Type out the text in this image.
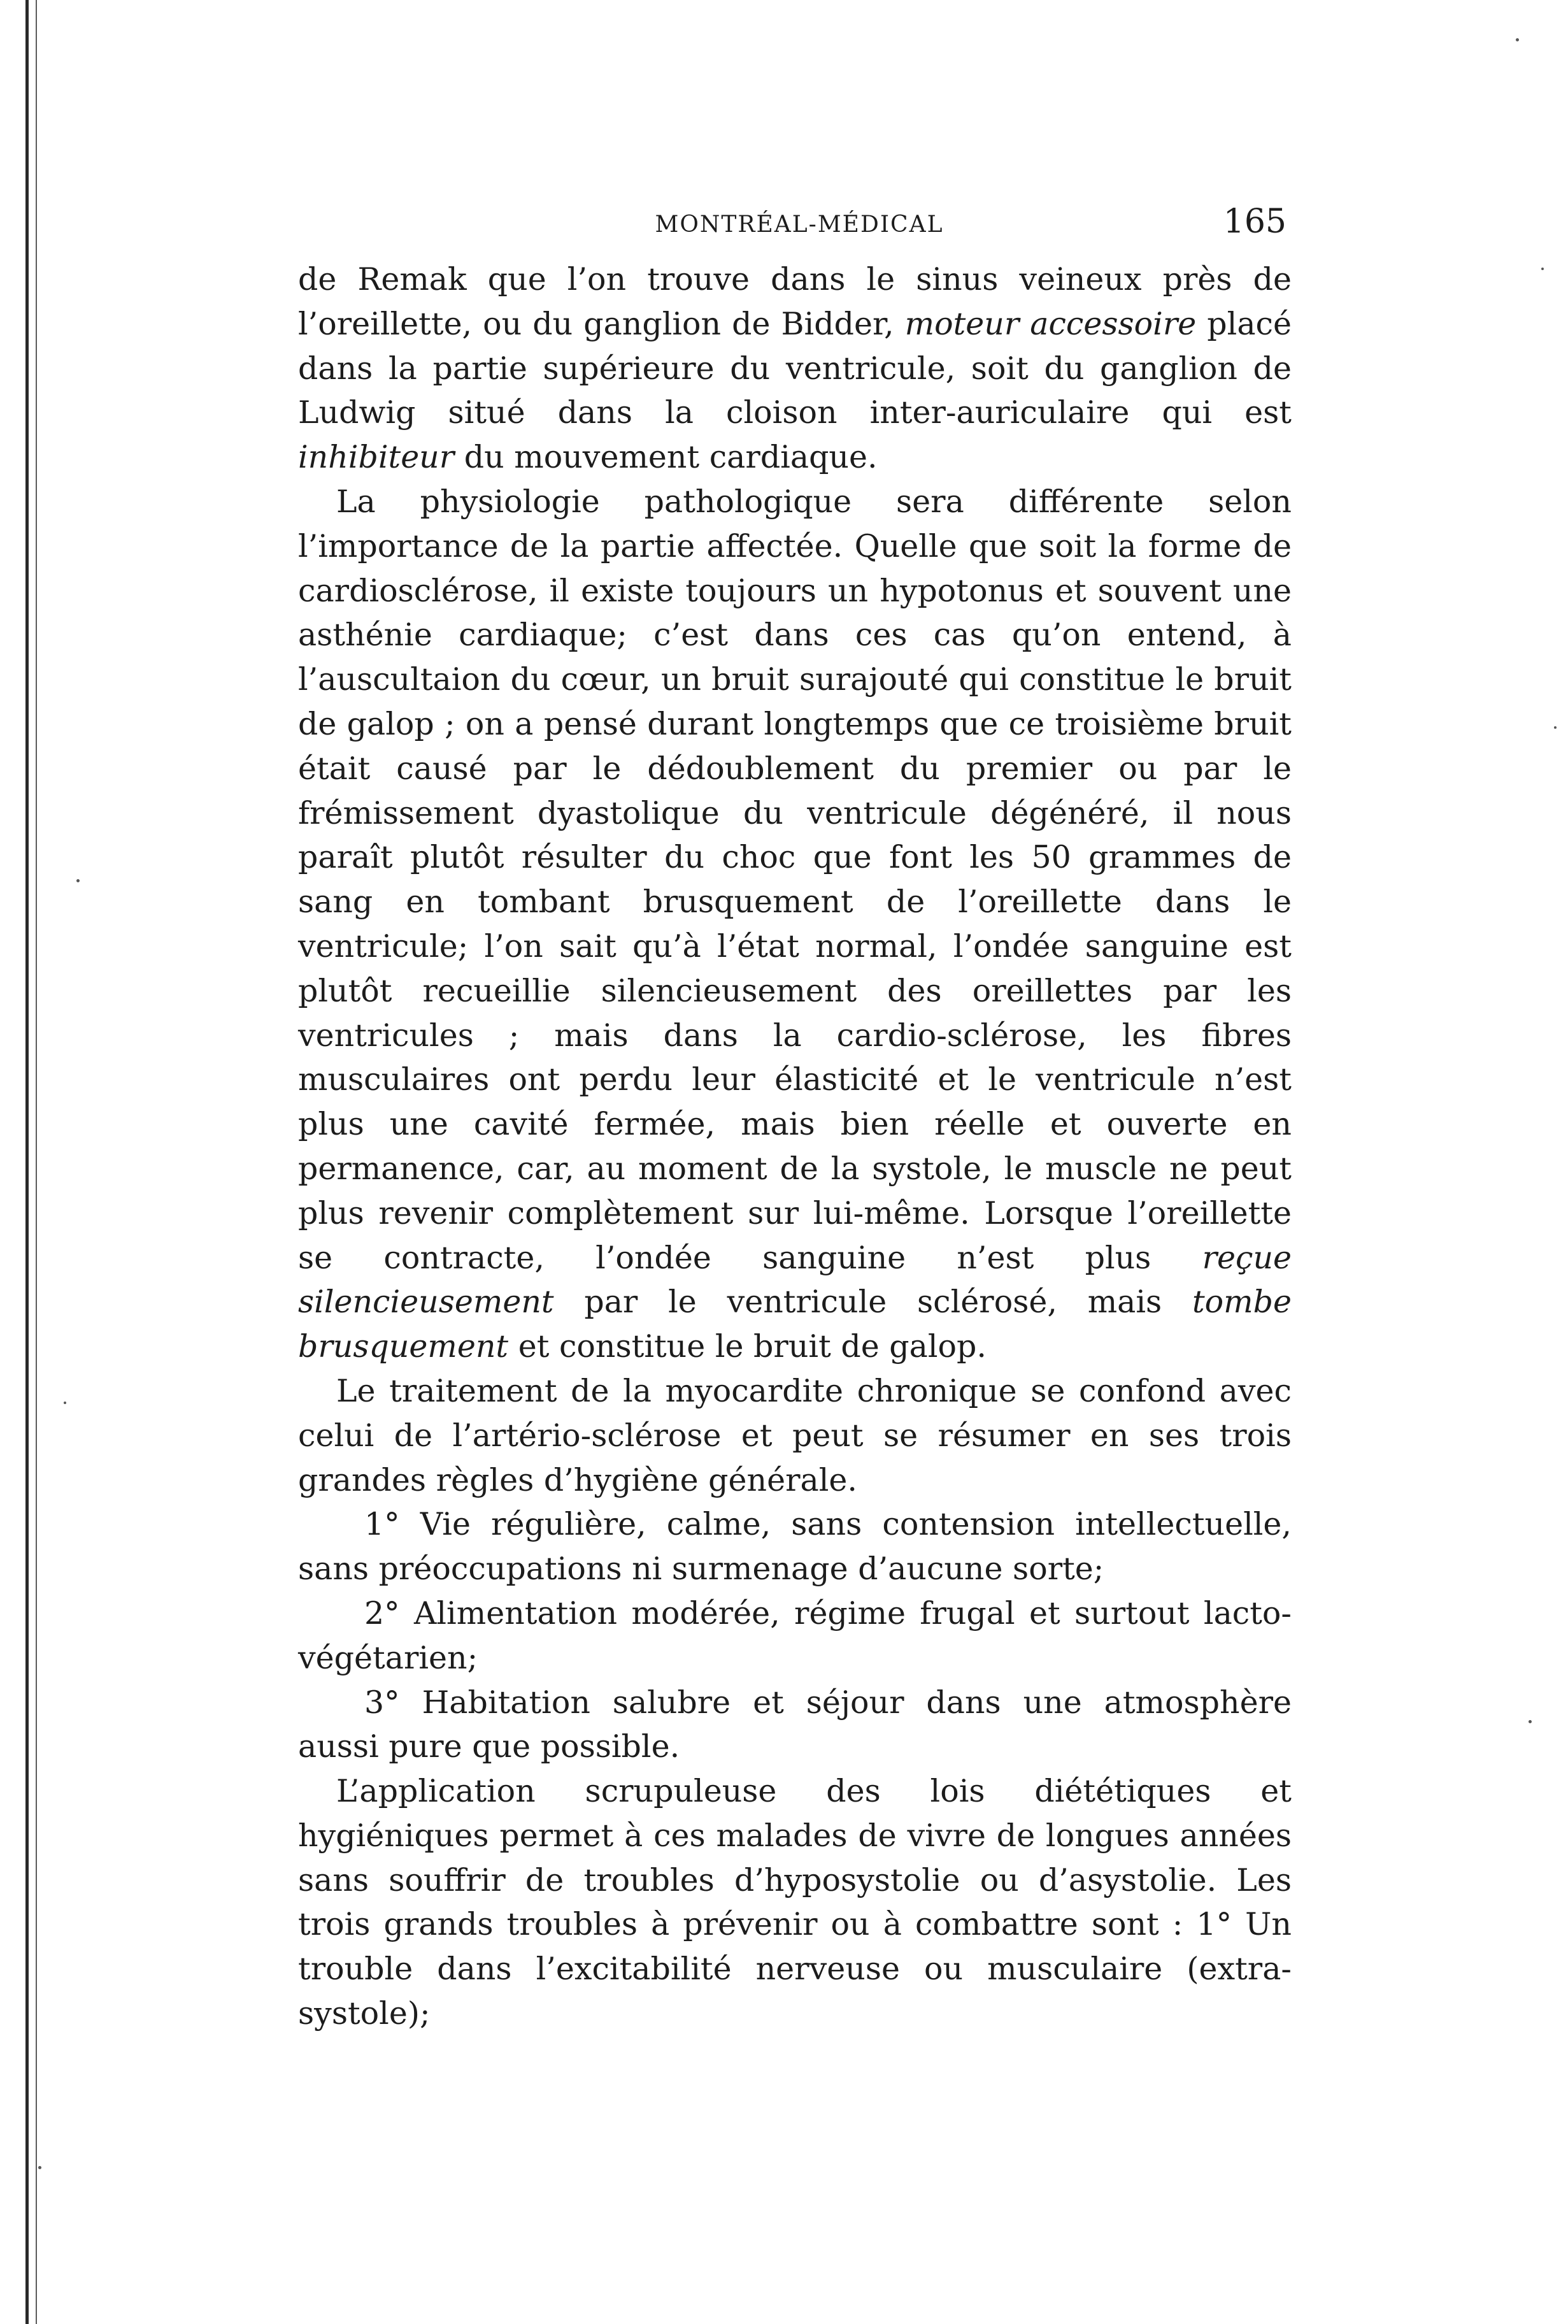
MONTRÉAL-MÉDICAL	165

de Remak que l’on trouve dans le sinus veineux près de l’oreillette, ou du ganglion de Bidder, moteur accessoire placé dans la partie supérieure du ventricule, soit du ganglion de Ludwig situé dans la cloison inter-auriculaire qui est inhibiteur du mouvement cardiaque.

La physiologie pathologique sera différente selon l’importance de la partie affectée. Quelle que soit la forme de cardiosclérose, il existe toujours un hypotonus et souvent une asthénie cardiaque; c’est dans ces cas qu’on entend, à l’auscultaion du cœur, un bruit surajouté qui constitue le bruit de galop ; on a pensé durant longtemps que ce troisième bruit était causé par le dédoublement du premier ou par le frémissement dyastolique du ventricule dégénéré, il nous paraît plutôt résulter du choc que font les 50 grammes de sang en tombant brusquement de l’oreillette dans le ventricule; l’on sait qu’à l’état normal, l’ondée sanguine est plutôt recueillie silencieusement des oreillettes par les ventricules ; mais dans la cardio-sclérose, les fibres musculaires ont perdu leur élasticité et le ventricule n’est plus une cavité fermée, mais bien réelle et ouverte en permanence, car, au moment de la systole, le muscle ne peut plus revenir complètement sur lui-même. Lorsque l’oreillette se contracte, l’ondée sanguine n’est plus reçue silencieusement par le ventricule sclérosé, mais tombe brusquement et constitue le bruit de galop.

Le traitement de la myocardite chronique se confond avec celui de l’artério-sclérose et peut se résumer en ses trois grandes règles d’hygiène générale.

1° Vie régulière, calme, sans contension intellectuelle, sans préoccupations ni surmenage d’aucune sorte;

2° Alimentation modérée, régime frugal et surtout lacto-végétarien;

3° Habitation salubre et séjour dans une atmosphère aussi pure que possible.

L’application scrupuleuse des lois diététiques et hygiéniques permet à ces malades de vivre de longues années sans souffrir de troubles d’hyposystolie ou d’asystolie. Les trois grands troubles à prévenir ou à combattre sont : 1° Un trouble dans l’excitabilité nerveuse ou musculaire (extra-systole);
